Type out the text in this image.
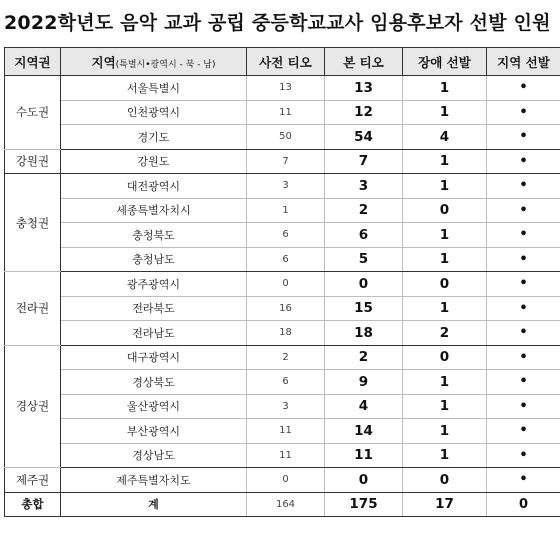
2022학년도 음악 교과 공립 중등학교교사 임용후보자 선발 인원
지역권	지역(특별시•광역시 - 북 - 남)	사전 티오	본 티오	장애 선발	지역 선발
수도권	서울특별시	13	13	1	•
	인천광역시	11	12	1	•
	경기도	50	54	4	•
강원권	강원도	7	7	1	•
충청권	대전광역시	3	3	1	•
	세종특별자치시	1	2	0	•
	충청북도	6	6	1	•
	충청남도	6	5	1	•
전라권	광주광역시	0	0	0	•
	전라북도	16	15	1	•
	전라남도	18	18	2	•
경상권	대구광역시	2	2	0	•
	경상북도	6	9	1	•
	울산광역시	3	4	1	•
	부산광역시	11	14	1	•
	경상남도	11	11	1	•
제주권	제주특별자치도	0	0	0	•
총합	계	164	175	17	0
